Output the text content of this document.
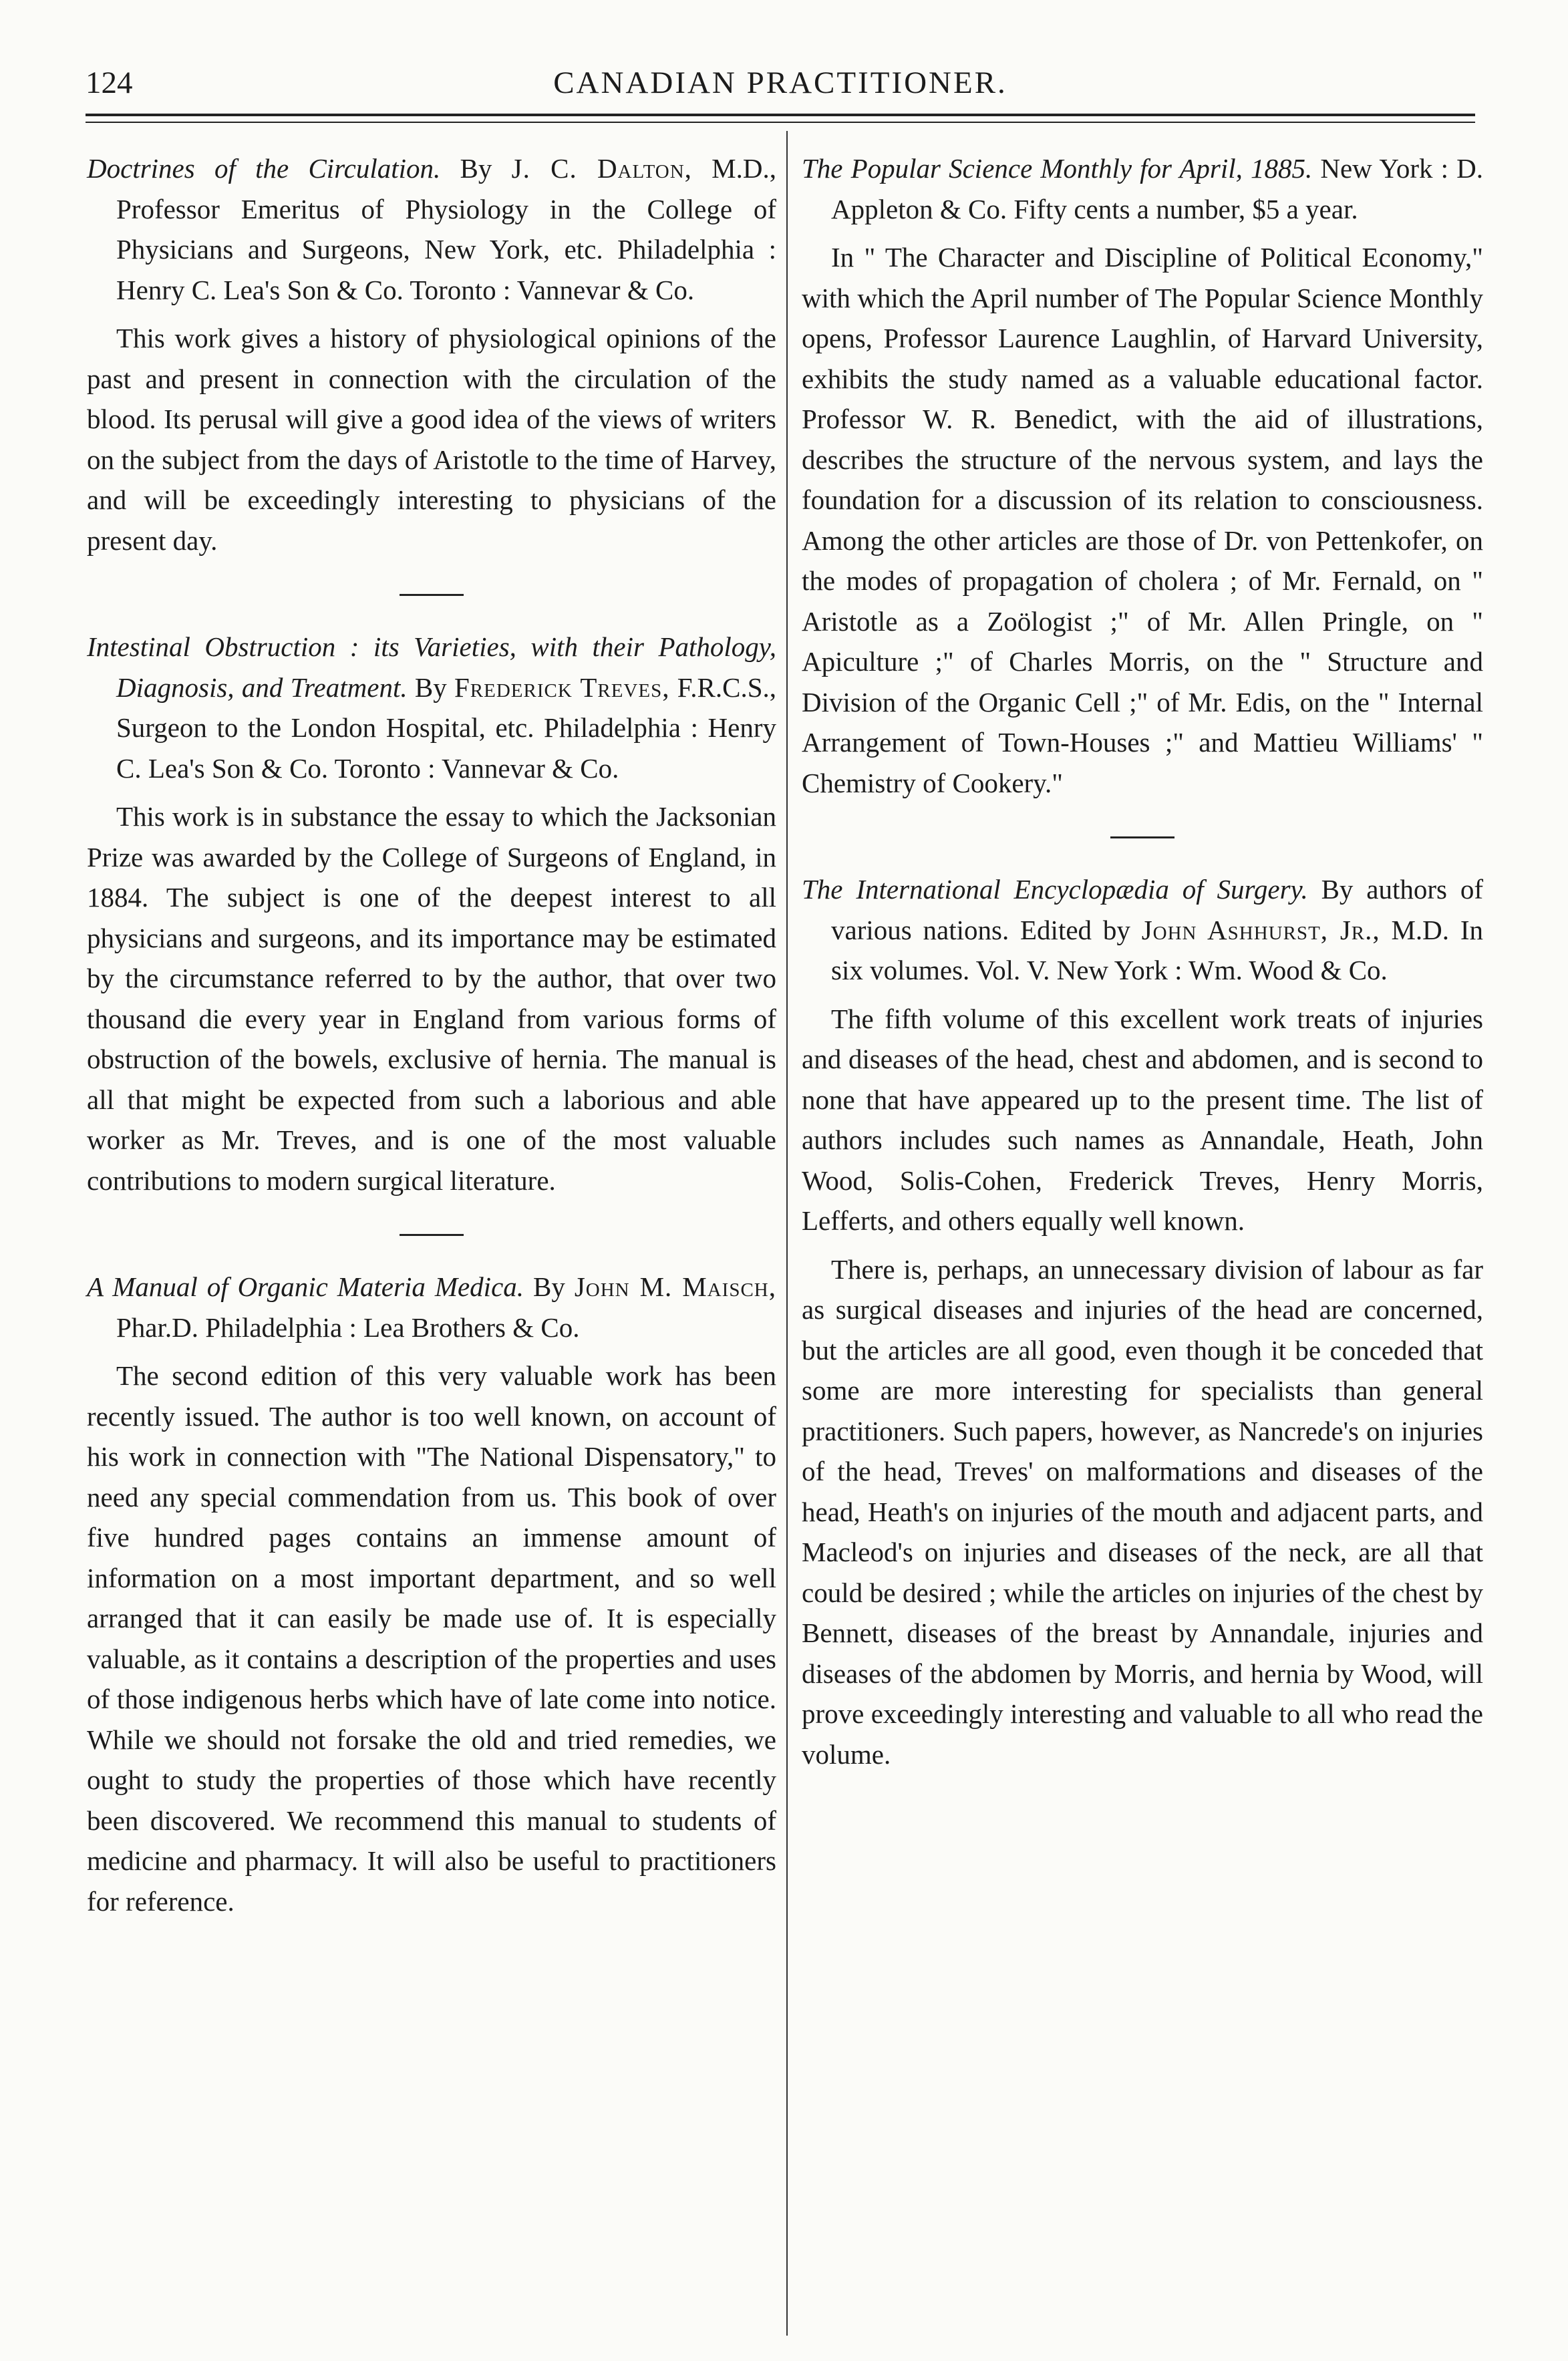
124	CANADIAN PRACTITIONER.

Doctrines of the Circulation. By J. C. Dalton, M.D., Professor Emeritus of Physiology in the College of Physicians and Surgeons, New York, etc. Philadelphia : Henry C. Lea's Son & Co. Toronto : Vannevar & Co.

This work gives a history of physiological opinions of the past and present in connection with the circulation of the blood. Its perusal will give a good idea of the views of writers on the subject from the days of Aristotle to the time of Harvey, and will be exceedingly interesting to physicians of the present day.

Intestinal Obstruction : its Varieties, with their Pathology, Diagnosis, and Treatment. By Frederick Treves, F.R.C.S., Surgeon to the London Hospital, etc. Philadelphia : Henry C. Lea's Son & Co. Toronto : Vannevar & Co.

This work is in substance the essay to which the Jacksonian Prize was awarded by the College of Surgeons of England, in 1884. The subject is one of the deepest interest to all physicians and surgeons, and its importance may be estimated by the circumstance referred to by the author, that over two thousand die every year in England from various forms of obstruction of the bowels, exclusive of hernia. The manual is all that might be expected from such a laborious and able worker as Mr. Treves, and is one of the most valuable contributions to modern surgical literature.

A Manual of Organic Materia Medica. By John M. Maisch, Phar.D. Philadelphia : Lea Brothers & Co.

The second edition of this very valuable work has been recently issued. The author is too well known, on account of his work in connection with "The National Dispensatory," to need any special commendation from us. This book of over five hundred pages contains an immense amount of information on a most important department, and so well arranged that it can easily be made use of. It is especially valuable, as it contains a description of the properties and uses of those indigenous herbs which have of late come into notice. While we should not forsake the old and tried remedies, we ought to study the properties of those which have recently been discovered. We recommend this manual to students of medicine and pharmacy. It will also be useful to practitioners for reference.

The Popular Science Monthly for April, 1885. New York : D. Appleton & Co. Fifty cents a number, $5 a year.

In " The Character and Discipline of Political Economy," with which the April number of The Popular Science Monthly opens, Professor Laurence Laughlin, of Harvard University, exhibits the study named as a valuable educational factor. Professor W. R. Benedict, with the aid of illustrations, describes the structure of the nervous system, and lays the foundation for a discussion of its relation to consciousness. Among the other articles are those of Dr. von Pettenkofer, on the modes of propagation of cholera ; of Mr. Fernald, on " Aristotle as a Zoölogist ;" of Mr. Allen Pringle, on " Apiculture ;" of Charles Morris, on the " Structure and Division of the Organic Cell ;" of Mr. Edis, on the " Internal Arrangement of Town-Houses ;" and Mattieu Williams' " Chemistry of Cookery."

The International Encyclopædia of Surgery. By authors of various nations. Edited by John Ashhurst, Jr., M.D. In six volumes. Vol. V. New York : Wm. Wood & Co.

The fifth volume of this excellent work treats of injuries and diseases of the head, chest and abdomen, and is second to none that have appeared up to the present time. The list of authors includes such names as Annandale, Heath, John Wood, Solis-Cohen, Frederick Treves, Henry Morris, Lefferts, and others equally well known.

There is, perhaps, an unnecessary division of labour as far as surgical diseases and injuries of the head are concerned, but the articles are all good, even though it be conceded that some are more interesting for specialists than general practitioners. Such papers, however, as Nancrede's on injuries of the head, Treves' on malformations and diseases of the head, Heath's on injuries of the mouth and adjacent parts, and Macleod's on injuries and diseases of the neck, are all that could be desired ; while the articles on injuries of the chest by Bennett, diseases of the breast by Annandale, injuries and diseases of the abdomen by Morris, and hernia by Wood, will prove exceedingly interesting and valuable to all who read the volume.
